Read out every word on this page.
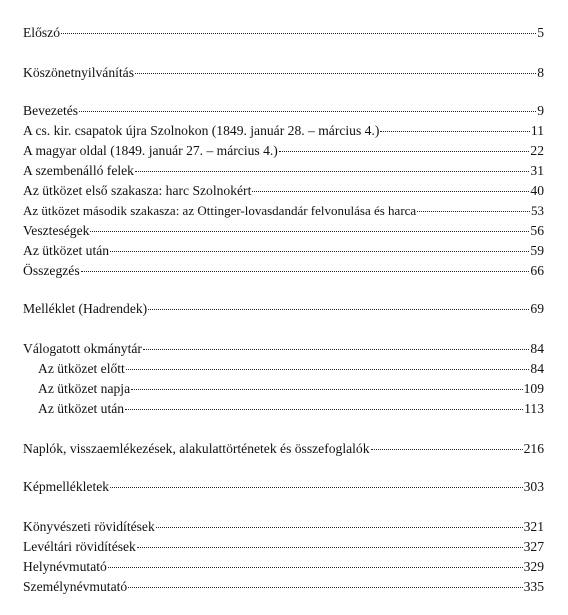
Előszó	5
Köszönetnyilvánítás	8
Bevezetés	9
A cs. kir. csapatok újra Szolnokon (1849. január 28. – március 4.)	11
A magyar oldal (1849. január 27. – március 4.)	22
A szembenálló felek	31
Az ütközet első szakasza: harc Szolnokért	40
Az ütközet második szakasza: az Ottinger-lovasdandár felvonulása és harca	53
Veszteségek	56
Az ütközet után	59
Összegzés	66
Melléklet (Hadrendek)	69
Válogatott okmánytár	84
Az ütközet előtt	84
Az ütközet napja	109
Az ütközet után	113
Naplók, visszaemlékezések, alakulattörténetek és összefoglalók	216
Képmellékletek	303
Könyvészeti rövidítések	321
Levéltári rövidítések	327
Helynévmutató	329
Személynévmutató	335
